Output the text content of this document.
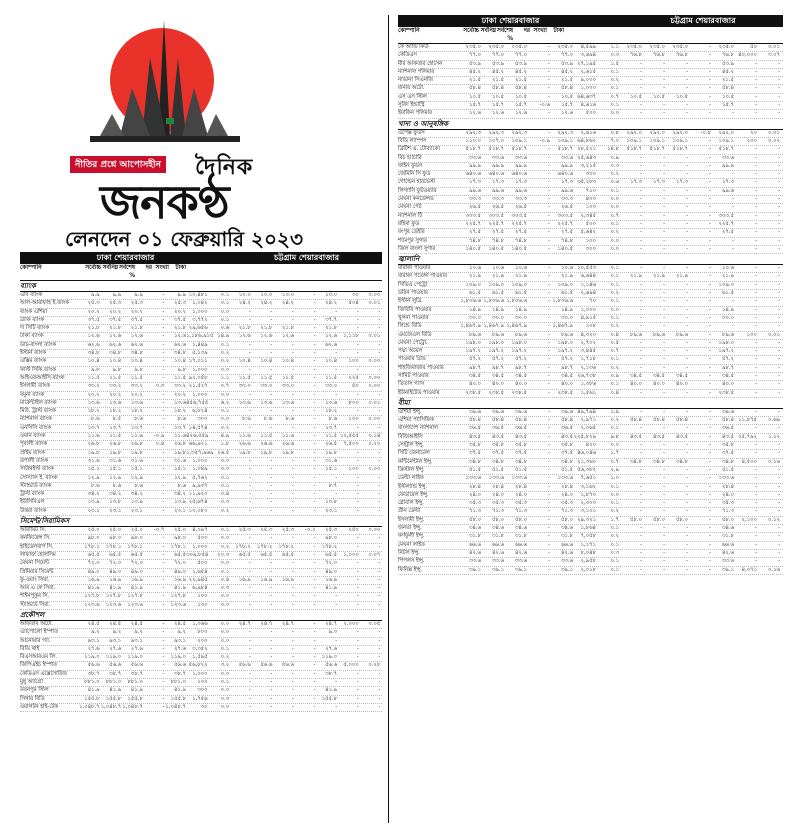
নীতির প্রশ্নে আপোসহীন দৈনিক
জনকণ্ঠ
লেনদেন ০১ ফেব্রুয়ারি ২০২৩
ঢাকা শেয়ারবাজার	চট্টগ্রাম শেয়ারবাজার
কোম্পানি	সর্বোচ্চ সর্বনিম্ন সর্বশেষ %
দর সংখ্যা	টাকা
ব্যাংক
এবি ব্যাংক	৯.৯	৯.৯	৯.৯	-	৯.৯ ১০,৪৮১	০.১	১০.০	১০.০	১০.০	-	১০.০	৩০	০.০০
আল-আরাফাহ ই.ব্যাংক	২৫.৩	২৫.৩	২৫.৩	-	২৫.৩	১,০৪২	০.১	২৪.২	২৪.২	২৪.২	-	২৪.২	৫০৪	০.০১
ব্যাংক এশিয়া	২০.২	২০.২	২০.২	-	২০.২	১,০০০	০.০	-	-	-	-	-	-	-
ব্র্যাক ব্যাংক	৩৭.৫	৩৭.৫	৩৭.৫	-	৩৭.৫	৩,৭৭২	০.১	-	-	-	-	৩৭.৭	-	-
দ্য সিটি ব্যাংক	২১.৮	২১.৮	২১.৮	-	২১.৮ ২৯,৬৫৬	০.৬	২১.৮	২১.৮	২১.৮	-	২১.৮	-	-
ঢাকা ব্যাংক	১২.৬	১২.৬	১২.৬	-	১২.৬ ১,১৮৬,৯১৫ ১৪.৯	১২.৬	১২.৬	১২.৬	-	১২.৬	১,১১৮	০.০১
ডাচ-বাংলা ব্যাংক	৬২.৬	৬২.৬	৬২.৬	-	৬২.৬	১,৪৪৯	০.১	-	-	-	-	৬২.৬	-	-
ইস্টার্ন ব্যাংক	৩৪.৮	৩৪.৮	৩৪.৮	-	৩৪.৮	৫,১৩৯	০.২	-	-	-	-	-	-	-
এক্সিম ব্যাংক	১০.৪	১০.৪	১০.৪	-	১০.৪ ১৭,০১১	০.২	১০.৪	১০.৪	১০.৪	-	১০.৪	১০০	০.০০
ফার্স্ট সিকি.ব্যাংক	৯.৮	৯.৮	৯.৮	-	৯.৮	১,০০০	০.০	-	-	-	-	-	-	-
আইএফআইসি ব্যাংক	১১.৫	১১.৫	১১.৫	-	১১.৫ ৯২,০৫৮	১.১	১১.৫	১১.৫	১১.৫	-	১১.৫	২২৫	০.০০
ইসলামী ব্যাংক	৩৩.২	৩৩.২	৩৩.২	০.৩	৩৩.২ ২১,৫২৭	০.৭	৩৩.০	৩৩.০	৩৩.০	-	৩৩.০	৫০	০.০০
যমুনা ব্যাংক	২০.২	২০.২	২০.২	-	২০.২	১,০০০	০.০	-	-	-	-	-	-	-
মার্কেন্টাইল ব্যাংক	১৩.৬	১৩.৬	১৩.৬	-	১৩.৬ ৪৫৬,৭৫৫	৬.২	১৩.৬	১৩.৬	১৩.৬	-	১৩.৬	৮০০	০.০১
মিউ. ট্রাস্ট ব্যাংক	১৮.২	১৮.২	১৮.২	-	১৮.২	৬,৮২৪	০.১	-	-	-	-	১৮.২	-	-
ন্যাশনাল ব্যাংক	৮.৬	৮.৫	৮.৬	-	৮.৬	৩০০	০.০	৮.৬	৮.৬	৮.৬	-	৮.৬	১০০	০.০০
এনসিসি ব্যাংক	১৩.৭	১৩.৭	১৩.৭	-	১৩.৭ ১৪,৫৭৪	০.২	-	-	-	-	১৩.৭	-	-
ওয়ান ব্যাংক	১১.৬	১১.৫	১১.৬	-০.৯	১১.৬ ৪২৬,৫৫৯	৪.৯	১১.৬	১১.৫	১১.৬	-	১১.৫ ১২,৫৫৫	০.১৪
পূবালী ব্যাংক	২৬.৮	২৬.৮	২৬.৮	০.৪	২৬.৮ ৬৬,৯২১	১.৮	২৬.৬	২৬.৬	২৬.৬	-	২৬.৫	৭,৫০০	০.২০
প্রাইম ব্যাংক	১৯.৮	১৯.৮	১৯.৮	-	১৯.৮ ১,৩৫৭,৯৬৯ ২৬.৫	১৯.৮	১৯.৮	১৯.৮	-	১৯.৮	-	-
রূপালী ব্যাংক	৩১.৬	৩১.৬	৩১.৬	-	৩১.৬	১,০০০	০.০	-	-	-	-	৩১.৬	-	-
সাউথইস্ট ব্যাংক	১৫.১	১৫.১	১৫.১	-	১৫.১	১,০৪৯	০.০	-	-	-	-	১৫.১	১০০	০.০০
সোস্যাল ই. ব্যাংক	১২.৯	১২.৯	১২.৯	-	১২.৯	৫,৭৬২	০.১	-	-	-	-	-	-	-
স্ট্যান্ডার্ড ব্যাংক	৮.৬	৮.৬	৮.৬	-	৮.৬	৯,৯৩৭	০.১	-	-	-	-	৮.৭	-	-
ট্রাস্ট ব্যাংক	৩৪.২	৩৪.২	৩৪.২	-	৩৪.২ ১১,৯২০	০.৪	-	-	-	-	-	-	-
ইউসিবিএল	১৩.৯	১৩.৮	১৩.৯	-	১৩.৯ ২৫,৬৭৪	০.৩	-	-	-	-	১৩.৮	-	-
উত্তরা ব্যাংক	২৩.১	২৩.১	২৩.১	-	২৩.১ ১০,০৮০	০.২	-	-	-	-	২৩.১	-	-
সিমেন্ট/সিরামিকস
আরামিট সি.	২৫.০	২৫.০	২৫.০	-০.৭	২৫.০	৪,০৯৭	০.১	২৫.৩	২৫.৩	২৫.৩	-০.২	২৫.৩	২৫০	০.০০
কনফিডেন্স সি.	৯৮.০	৯৮.০	৯৮.০	-	৯৮.০	৫০০	০.০	-	-	-	-	৯৮.০	-	-
হাইডেলবার্গ সি.	১৭৮.১	১৭৮.১	১৭৮.১	-	১৭৮.১	১,০০০	০.২	১৭৮.২	১৭৮.২	১৭৮.২	-	১৭৮.২	-	-
লাফার্জ হোলসিম	৬৫.৫	৬৫.৫	৬৫.৫	-	৬৫.৫ ৩০৯,৮৫৪	২০.৩	৬৫.৫	৬৫.৫	৬৫.৫	-	৬৫.৫	১,০০০	০.০৭
মেঘনা সিমেন্ট	৭২.০	৭২.০	৭২.০	-	৭২.০	৫০০	০.০	-	-	-	-	৭২.০	-	-
প্রিমিয়ার সিমেন্ট	৪৯.০	৪৯.০	৪৯.০	-	৪৯.০	১,৬৫৪	০.১	-	-	-	-	৪৯.০	-	-
ফু-ওয়াং সিরা.	১৬.৯	১৬.৯	১৬.৯	-	১৬.৯ ২২,৯৪৫	০.৪	১৬.৯	১৬.৯	১৬.৯	-	১৬.৯	-	-
আর এ কে সিরা.	৪১.৯	৪১.৯	৪১.৯	-	৪১.৯	৬,৯৮৪	০.৩	-	-	-	-	৪১.৯	-	-
শাইনপুকুর সি.	১২৭.৮	১২৭.৮	১২৭.৮	-	১২৭.৮	১০০	০.০	-	-	-	-	-	-	-
স্ট্যান্ডার্ড সিরা.	১২৩.৬	১২৩.৬	১২৩.৬	-	১২৩.৬	১৩০	০.০	-	-	-	-	-	-	-
প্রকৌশল
আফতাব অটো.	২৪.৫	২৪.৫	২৪.৫	-	২৪.৫	১,০৬৬	০.০	২৪.৭	২৪.৭	২৪.৭	-	২৪.৭	২,০০০	০.০৫
এ্যাপোলো ইস্পাত	৯.২	৯.২	৯.২	-	৯.২	৮০০	০.০	-	-	-	-	৯.৩	-	-
আনোয়ার গ্যা.	৯৩.১	৯৩.১	৯৩.১	-	৯৩.১	২০০	০.০	-	-	-	-	-	-	-
বিডি থাই	২৭.৬	২৭.৬	২৭.৬	-	২৭.৬	৩,৩৫২	০.১	-	-	-	-	২৭.৬	-	-
বিএসআরএম লি.	১১৯.০	১১৯.০	১১৯.০	-	১১৯.০	১,৫৯৫	০.২	-	-	-	-	১১৯.০	-	-
জিপিএইচ ইস্পাত	৫৬.৬	৫৬.৬	৫৬.৬	-	৫৬.৬ ৫৬,৮২২	৩.২	৫৬.৬	৫৬.৬	৫৬.৬	-	৫৬.৬	৫,০০০	০.২৮
কেডিএস এক্সেসোরিজ	৩৮.৭	৩৮.৭	৩৮.৭	-	৩৮.৭	১,০০০	০.০	-	-	-	-	৩৮.৭	-	-
মুন্নু অ্যাগ্রো	৮৮১.০	৮৮১.০	৮৮১.০	-	৮৮১.০	১০০	০.১	-	-	-	-	-	-	-
রতনপুর স্টিল	৪১.৯	৪১.৯	৪১.৯	-	৪১.৯	৩০০	০.০	-	-	-	-	৪১.৯	-	-
সিঙ্গার বিডি	১৫৫.৮	১৫৫.৮	১৫৫.৮	-	১৫৫.৮	১,৭৫৬	০.৩	-	-	-	-	১৫৫.৮	-	-
ওয়ালটন হাই-টেক	১,০৪৮.৭ ১,০৪৮.৭ ১,০৪৮.৭	- ১,০৪৮.৭	৩০	০.০	-	-	-	-	-	-	-
ঢাকা শেয়ারবাজার	চট্টগ্রাম শেয়ারবাজার
কোম্পানি	সর্বোচ্চ সর্বনিম্ন সর্বশেষ %
দর সংখ্যা	টাকা
কে অ্যান্ড কিউ	২৩৫.০	২৩৫.০	২৩৫.০	-	২৩৫.০	৪,৫৯৯	১.১	২৩৫.০	২৩৫.০	২৩৫.০	-	২৩৫.০	৫০	০.০১
কেডিএস	৭৭.০	৭৭.০	৭৭.০	-	৭৭.০	৩,৬৯৪	০.৩	৭৬.৮	৭৬.৮	৭৬.৮	-	৭৬.৮ ৪০,০০০	৩.০৭
মীর আকতার হোসেন	৫৩.৯	৫৩.৯	৫৩.৯	-	৫৩.৯ ২৭,১৯৫	১.৫	-	-	-	-	৫৩.৯	-	-
ন্যাশনাল পলিমার	৪৫.২	৪৫.২	৪৫.২	-	৪৫.২	২,৬১৫	০.১	-	-	-	-	৪৫.২	-	-
নাভানা সিএনজি	২১.৫	২১.৫	২১.৫	-	২১.৫	৯,০০০	০.২	-	-	-	-	২১.৫	-	-
রানার অটো.	৫৮.৪	৫৮.৪	৫৮.৪	-	৫৮.৪	১,০০০	০.১	-	-	-	-	৫৮.৪	-	-
এস এস স্টিল	১০.৫	১০.৫	১০.৫	-	১০.৫ ৬৪,৬৩৭	০.৭	১০.৫	১০.৫	১০.৫	-	১০.৫	-	-
সুরিদ ইন্ডাস্ট্রি	১৫.৭	১৫.৭	১৫.৭	-০.৬	১৫.৭	৪,৬১৬	০.১	-	-	-	-	১৫.৭	-	-
ইয়াকিন পলিমার	১২.৬	১২.৬	১২.৬	-	১২.৬	৫০০	০.০	-	-	-	-	-	-	-
খাদ্য ও আনুষঙ্গিক
এপেক্স ফুডস	২৯২.৩	২৯২.৩	২৯২.৩	-	২৯২.৩	২,৬১৬	০.৮	২৯২.০	২৯২.০	২৯২.০	-০.৮	২৯২.০	২০	০.০১
বিডি ল্যাম্পস	১১০.০	১০৭.০	১০৯.১	-০.৯	১০৯.১ ৬৪,৮৬২	৭.০	১০৯.১	১০৯.১	১০৯.১	-	১০৯.১	২০০	০.০২
ব্রিটিশ এ. টোব্যাকো	৫১৮.৭	৫১৮.৭	৫১৮.৭	-	৫১৮.৭ ২৮,৫২১	১৪.৮	৫১৮.৭	৫১৮.৭	৫১৮.৭	-	৫১৮.৭	-	-
বিচ হ্যাচারি	৩৩.৬	৩৩.৬	৩৩.৬	-	৩৩.৬ ২৫,৬৪৩	০.৯	-	-	-	-	৩৩.৬	-	-
ফাইন ফুডস	৯৯.৯	৯৯.৯	৯৯.৯	-	৯৯.৯	৩,২১৫	০.৩	-	-	-	-	৯৯.৯	-	-
জেমিনি সি ফুড	৬৪০.৬	৬৪০.৬	৬৪০.৬	-	৬৪০.৬	৩০০	০.২	-	-	-	-	-	-	-
গোল্ডেন হারভেস্ট	১৭.৩	১৭.৩	১৭.৩	-	১৭.৩ ৩৫,২৮৩	০.৬	১৭.৩	১৭.৩	১৭.৩	-	১৭.৩	-	-
লিগ্যাসি ফুটওয়্যার	৯৯.৬	৯৯.৬	৯৯.৬	-	৯৯.৬	৭১০	০.১	-	-	-	-	৯৯.৬	-	-
মেঘনা কনডেন্সড	৩৩.৩	৩৩.৩	৩৩.৩	-	৩৩.৩	৪০০	০.০	-	-	-	-	-	-	-
মেঘনা পেট	২৬.৫	২৬.৫	২৬.৫	-	২৬.৫	১০০	০.০	-	-	-	-	-	-	-
ন্যাশনাল টি	৩০৩.৫	৩০৩.৫	৩০৩.৫	-	৩০৩.৫	২,৩৪৫	০.৭	-	-	-	-	৩০৩.৫	-	-
রহিমা ফুড	২২৫.৭	২২৫.৭	২২৫.৭	-	২২৫.৭	৫০০	০.১	-	-	-	-	২২৫.৭	-	-
রংপুর ডেইরি	২৭.৫	২৭.৫	২৭.৫	-	২৭.৫	৫,৬৪২	০.২	-	-	-	-	২৭.৫	-	-
শ্যামপুর সুগার	৭৪.৮	৭৪.৮	৭৪.৮	-	৭৪.৮	১০০	০.০	-	-	-	-	-	-	-
জিল বাংলা সুগার	১৪০.৫	১৪০.৫	১৪০.৫	-	১৪০.৫	৩০০	০.০	-	-	-	-	-	-	-
জ্বালানি
বারাকা পাওয়ার	১০.৬	১০.৬	১০.৬	-	১০.৬ ১০,৫৫৩	০.১	-	-	-	-	১০.৬	-	-
বারাকা পতেঙ্গা পাওয়ার	২১.৯	২১.৯	২১.৯	-	২১.৯	৬,৬৪৪	০.১	২১.৯	২১.৯	২১.৯	-	২১.৯	-	-
সিভিও পেট্রো	১০৯.০	১০৯.০	১০৯.০	-	১০৯.০	১,১৪৬	০.১	-	-	-	-	১০৯.০	-	-
ডরিন পাওয়ার	৬১.৫	৬১.৫	৬১.৫	-	৬১.৫	২,৬৯৪	০.২	-	-	-	-	৬১.৫	-	-
ইস্টার্ন লুব্রি.	১,৮০৬.৬ ১,৮০৬.৬ ১,৮০৬.৬	- ১,৮০৬.৬	৭০	০.১	-	-	-	-	-	-	-
জিবিবি পাওয়ার	১৪.৯	১৪.৯	১৪.৯	-	১৪.৯	১,০০০	০.০	-	-	-	-	১৪.৯	-	-
খুলনা পাওয়ার	৩০.০	৩০.০	৩০.০	-	৩০.০	৪,৯১৫	০.১	-	-	-	-	৩০.০	-	-
লিন্ডে বিডি	১,৪৬৭.৯ ১,৪৬৭.৯ ১,৪৬৭.৯	- ১,৪৬৭.৯	১০৮	০.২	-	-	-	-	-	-	-
এমজেএল বিডি	৮৯.৬	৮৯.৬	৮৯.৬	-	৮৯.৬	৪,৩২০	০.৪	৮৯.৬	৮৯.৬	৮৯.৬	-	৮৯.৬	১০০	০.০১
মেঘনা পেট্রো.	১৯৮.০	১৯৮.০	১৯৮.০	-	১৯৮.০	২,৭০২	০.৫	-	-	-	-	১৯৮.০	-	-
পদ্মা অয়েল	১৯৭.২	১৯৭.২	১৯৭.২	-	১৯৭.২	৩,৪৪৫	০.৭	-	-	-	-	১৯৭.২	-	-
পাওয়ার গ্রিড	৫৭.২	৫৭.২	৫৭.২	-	৫৭.২	১,৭১৮	০.১	-	-	-	-	৫৭.২	-	-
শাহজিবাজার পাওয়ার	৯৮.৭	৯৮.৭	৯৮.৭	-	৯৮.৭	২,১৩৬	০.২	-	-	-	-	৯৮.৭	-	-
সামিট পাওয়ার	৩৪.৫	৩৪.৫	৩৪.৫	-	৩৪.৫ ২৬,৭৩৮	০.৯	৩৪.৫	৩৪.৫	৩৪.৫	-	৩৪.৫	-	-
তিতাস গ্যাস	৪০.০	৪০.০	৪০.০	-	৪০.০	১,৩৮৬	০.১	৪০.০	৪০.০	৪০.০	-	৪০.০	-	-
ইউনাইটেড পাওয়ার	২৩৮.৫	২৩৮.৫	২৩৮.৫	-	২৩৮.৫	১,৫৬১	০.৪	-	-	-	-	২৩৮.৫	-	-
বীমা
এশিয়া ইন্সু.	৩৯.৬	৩৯.৬	৩৯.৬	-	৩৯.৬ ৪৯,৭৯৪	১.৯	-	-	-	-	৩৯.৬	-	-
এশিয়া প্যাসিফিক	৫৮.৪	৫৮.৪	৫৮.৪	-	৫৮.৪	২,৯৭১	০.২	৫৮.৪	৫৮.৪	৫৮.৪	-	৫৮.৪ ১১,৮৭৫	০.৬৯
বাংলাদেশ ন্যাশনাল	৩৬.৫	৩৬.৫	৩৬.৫	-	৩৬.৫	২,০৬৫	০.১	-	-	-	-	৩৬.৫	-	-
বিজিআইসি	৪৩.৫	৪৩.৫	৪৩.৫	-	৪৩.৫ ২২৫,৮২৯	৯.৮	৪৩.৫	৪৩.৫	৪৩.৫	-	৪৩.৫ ২৫,৭৯২	১.১২
সেন্ট্রাল ইন্সু.	৩৫.৮	৩৫.৮	৩৫.৮	-	৩৫.৮	৪২০	০.০	-	-	-	-	৩৫.৮	-	-
সিটি জেনারেল	৩৭.৫	৩৭.৫	৩৭.৫	-	৩৭.৫ ৪৬,০৪৬	১.৭	-	-	-	-	৩৭.৫	-	-
কন্টিনেন্টাল ইন্সু.	৩৪.৮	৩৪.৮	৩৪.৮	-	৩৪.৮ ২১,৩৬০	০.৭	৩৪.৮	৩৪.৮	৩৪.৮	-	৩৪.৮	৪,৫০০	০.১৬
ক্রিস্টাল ইন্সু.	৫১.৫	৫১.৫	৫১.৫	-	৫১.৫ ৫৬,৩৮২	২.৯	-	-	-	-	৫১.৫	-	-
ডেল্টা লাইফ	১৩৩.৬	১৩৩.৬	১৩৩.৬	-	১৩৩.৬	৭,৬৫১	১.০	-	-	-	-	১৩৩.৬	-	-
ইস্টল্যান্ড ইন্সু.	২৮.৪	২৮.৪	২৮.৪	-	২৮.৪	৩,১৬২	০.১	-	-	-	-	২৮.৪	-	-
ফেডারেল ইন্সু.	২৪.০	২৪.০	২৪.০	-	২৪.০	১,৮৭০	০.০	-	-	-	-	২৪.০	-	-
গ্লোবাল ইন্সু.	৩৫.৩	৩৫.৩	৩৫.৩	-	৩৫.৩	২,৩০০	০.১	-	-	-	-	৩৫.৩	-	-
গ্রীন ডেল্টা	৭১.৩	৭১.৩	৭১.৩	-	৭১.৩	৩,১০১	০.২	-	-	-	-	৭১.৩	-	-
ইসলামী ইন্সু.	৫৮.০	৫৮.০	৫৮.০	-	৫৮.০ ২৯,৩২১	১.৭	৫৮.০	৫৮.০	৫৮.০	-	৫৮.০	২,১০০	০.১২
জনতা ইন্সু.	৩৪.৬	৩৪.৬	৩৪.৬	-	৩৪.৬	১,৮৬৪	০.১	-	-	-	-	৩৪.৬	-	-
কর্ণফুলী ইন্সু.	৩১.৮	৩১.৮	৩১.৮	-	৩১.৮	৭,০৫৮	০.২	-	-	-	-	৩১.৮	-	-
মেঘনা লাইফ	৬৬.৬	৬৬.৬	৬৬.৬	-	৬৬.৬	১,১৭১	০.১	-	-	-	-	৬৬.৬	-	-
নিটল ইন্সু.	৪২.৬	৪২.৬	৪২.৬	-	৪২.৬	৮,০৪৮	০.৩	-	-	-	-	৪২.৬	-	-
পিপলস ইন্সু.	৩৩.৬	৩৩.৬	৩৩.৬	-	৩৩.৬	২,৯৫৮	০.১	-	-	-	-	৩৩.৬	-	-
ফিনিক্স ইন্সু.	৩৯.১	৩৯.১	৩৯.১	-	৩৯.১	২,০১৮	০.১	-	-	-	-	৩৯.১	৪,০৭১	০.১৬
